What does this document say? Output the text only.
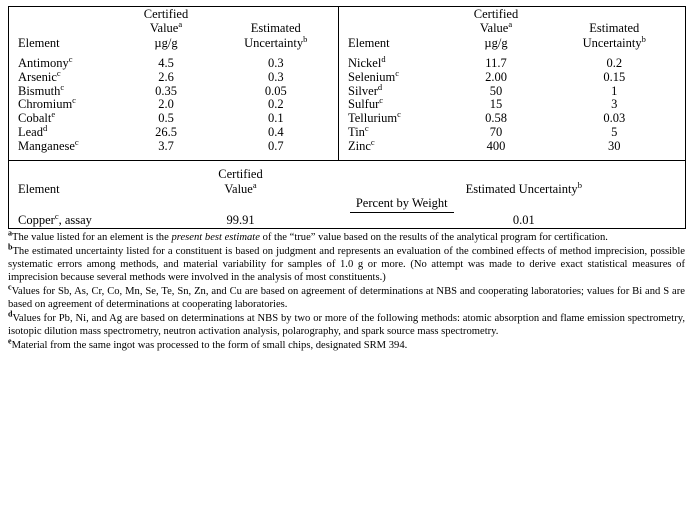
Element	Certified
Value$^a$
µg/g	Estimated
Uncertainty$^b$	Element	Certified
Value$^a$
µg/g	Estimated
Uncertainty$^b$

Antimony$^c$	4.5	0.3	Nickel$^d$	11.7	0.2
Arsenic$^c$	2.6	0.3	Selenium$^c$	2.00	0.15
Bismuth$^c$	0.35	0.05	Silver$^d$	50	1
Chromium$^c$	2.0	0.2	Sulfur$^c$	15	3
Cobalt$^e$	0.5	0.1	Tellurium$^c$	0.58	0.03
Lead$^d$	26.5	0.4	Tin$^c$	70	5
Manganese$^c$	3.7	0.7	Zinc$^c$	400	30

Element	Certified
Value$^a$	Estimated Uncertainty$^b$

	Percent by Weight	
Copper$^c$, assay	99.91	0.01
$^a$The value listed for an element is the present best estimate of the “true” value based on the results of the analytical program for certification.
$^b$The estimated uncertainty listed for a constituent is based on judgment and represents an evaluation of the combined effects of method imprecision, possible systematic errors among methods, and material variability for samples of 1.0 g or more. (No attempt was made to derive exact statistical measures of imprecision because several methods were involved in the analysis of most constituents.)
$^c$Values for Sb, As, Cr, Co, Mn, Se, Te, Sn, Zn, and Cu are based on agreement of determinations at NBS and cooperating laboratories; values for Bi and S are based on agreement of determinations at cooperating laboratories.
$^d$Values for Pb, Ni, and Ag are based on determinations at NBS by two or more of the following methods: atomic absorption and flame emission spectrometry, isotopic dilution mass spectrometry, neutron activation analysis, polarography, and spark source mass spectrometry.
$^e$Material from the same ingot was processed to the form of small chips, designated SRM 394.
